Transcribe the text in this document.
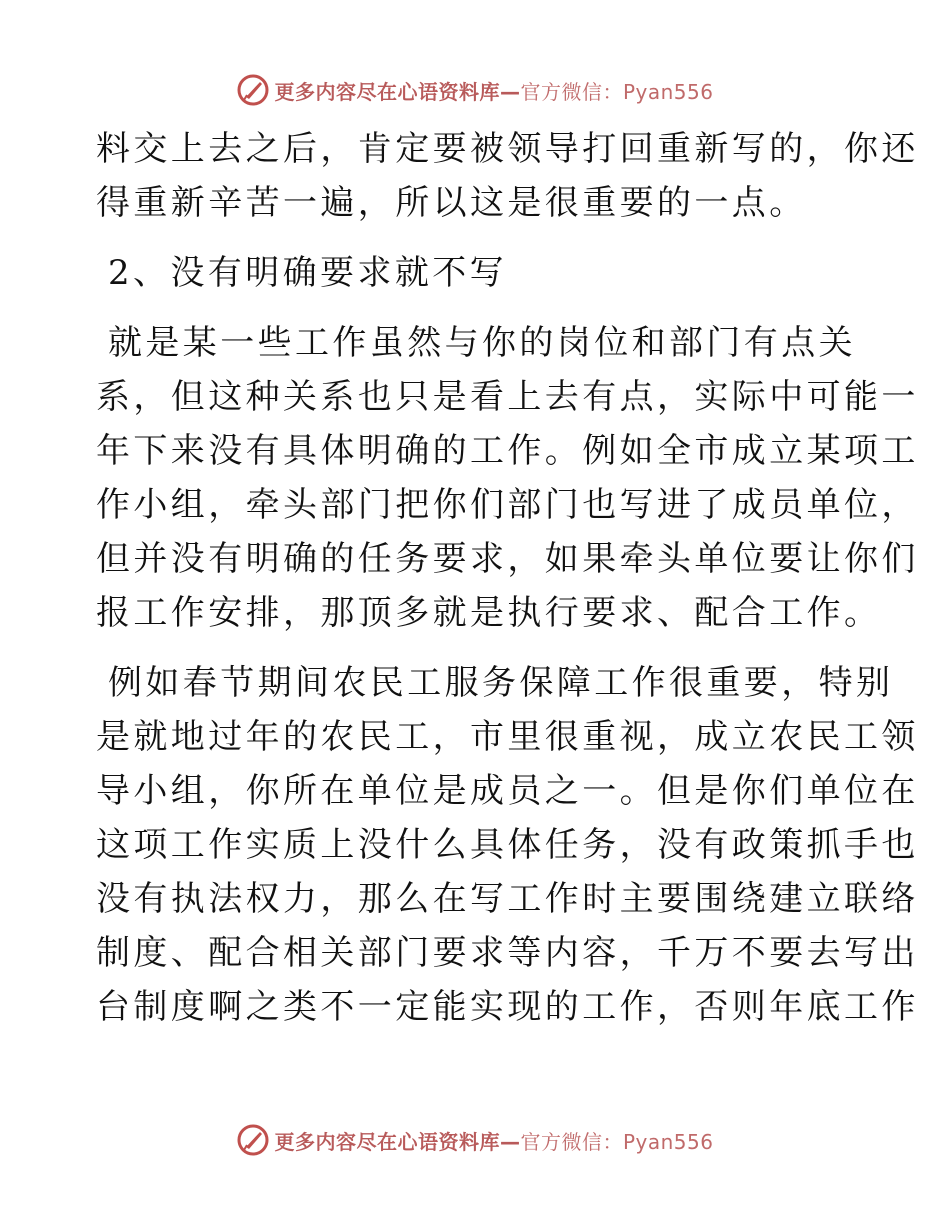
更多内容尽在心语资料库—官方微信：Pyan556
料交上去之后，肯定要被领导打回重新写的，你还
得重新辛苦一遍，所以这是很重要的一点。
2、没有明确要求就不写
就是某一些工作虽然与你的岗位和部门有点关
系，但这种关系也只是看上去有点，实际中可能一
年下来没有具体明确的工作。例如全市成立某项工
作小组，牵头部门把你们部门也写进了成员单位，
但并没有明确的任务要求，如果牵头单位要让你们
报工作安排，那顶多就是执行要求、配合工作。
例如春节期间农民工服务保障工作很重要，特别
是就地过年的农民工，市里很重视，成立农民工领
导小组，你所在单位是成员之一。但是你们单位在
这项工作实质上没什么具体任务，没有政策抓手也
没有执法权力，那么在写工作时主要围绕建立联络
制度、配合相关部门要求等内容，千万不要去写出
台制度啊之类不一定能实现的工作，否则年底工作
更多内容尽在心语资料库—官方微信：Pyan556
